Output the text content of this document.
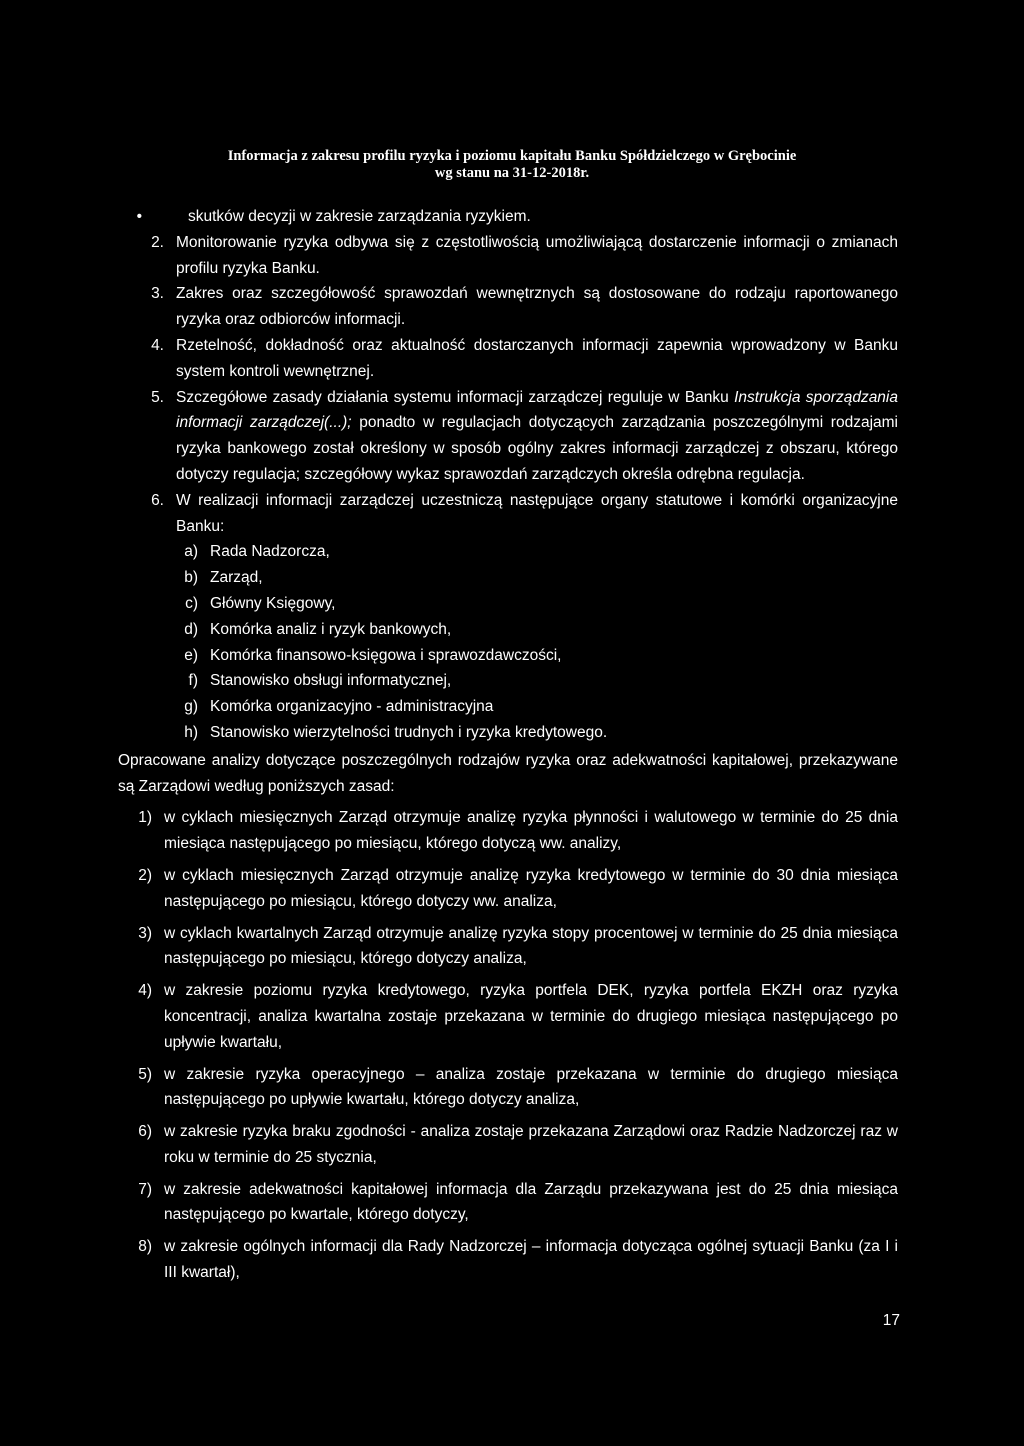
Informacja z zakresu profilu ryzyka i poziomu kapitału Banku Spółdzielczego w Grębocinie
wg stanu na 31-12-2018r.
•	skutków decyzji w zakresie zarządzania ryzykiem.
2. Monitorowanie ryzyka odbywa się z częstotliwością umożliwiającą dostarczenie informacji o zmianach profilu ryzyka Banku.
3. Zakres oraz szczegółowość sprawozdań wewnętrznych są dostosowane do rodzaju raportowanego ryzyka oraz odbiorców informacji.
4. Rzetelność, dokładność oraz aktualność dostarczanych informacji zapewnia wprowadzony w Banku system kontroli wewnętrznej.
5. Szczegółowe zasady działania systemu informacji zarządczej reguluje w Banku Instrukcja sporządzania informacji zarządczej(...); ponadto w regulacjach dotyczących zarządzania poszczególnymi rodzajami ryzyka bankowego został określony w sposób ogólny zakres informacji zarządczej z obszaru, którego dotyczy regulacja; szczegółowy wykaz sprawozdań zarządczych określa odrębna regulacja.
6. W realizacji informacji zarządczej uczestniczą następujące organy statutowe i komórki organizacyjne Banku:
a) Rada Nadzorcza,
b) Zarząd,
c) Główny Księgowy,
d) Komórka analiz i ryzyk bankowych,
e) Komórka finansowo-księgowa i sprawozdawczości,
f) Stanowisko obsługi informatycznej,
g) Komórka organizacyjno - administracyjna
h) Stanowisko wierzytelności trudnych i ryzyka kredytowego.
Opracowane analizy dotyczące poszczególnych rodzajów ryzyka oraz adekwatności kapitałowej, przekazywane są Zarządowi według poniższych zasad:
1) w cyklach miesięcznych Zarząd otrzymuje analizę ryzyka płynności i walutowego w terminie do 25 dnia miesiąca następującego po miesiącu, którego dotyczą ww. analizy,
2) w cyklach miesięcznych Zarząd otrzymuje analizę ryzyka kredytowego w terminie do 30 dnia miesiąca następującego po miesiącu, którego dotyczy ww. analiza,
3) w cyklach kwartalnych Zarząd otrzymuje analizę ryzyka stopy procentowej w terminie do 25 dnia miesiąca następującego po miesiącu, którego dotyczy analiza,
4) w zakresie poziomu ryzyka kredytowego, ryzyka portfela DEK, ryzyka portfela EKZH oraz ryzyka koncentracji, analiza kwartalna zostaje przekazana w terminie do drugiego miesiąca następującego po upływie kwartału,
5) w zakresie ryzyka operacyjnego – analiza zostaje przekazana w terminie do drugiego miesiąca następującego po upływie kwartału, którego dotyczy analiza,
6) w zakresie ryzyka braku zgodności - analiza zostaje przekazana Zarządowi oraz Radzie Nadzorczej raz w roku w terminie do 25 stycznia,
7) w zakresie adekwatności kapitałowej informacja dla Zarządu przekazywana jest do 25 dnia miesiąca następującego po kwartale, którego dotyczy,
8) w zakresie ogólnych informacji dla Rady Nadzorczej – informacja dotycząca ogólnej sytuacji Banku (za I i III kwartał),
17
